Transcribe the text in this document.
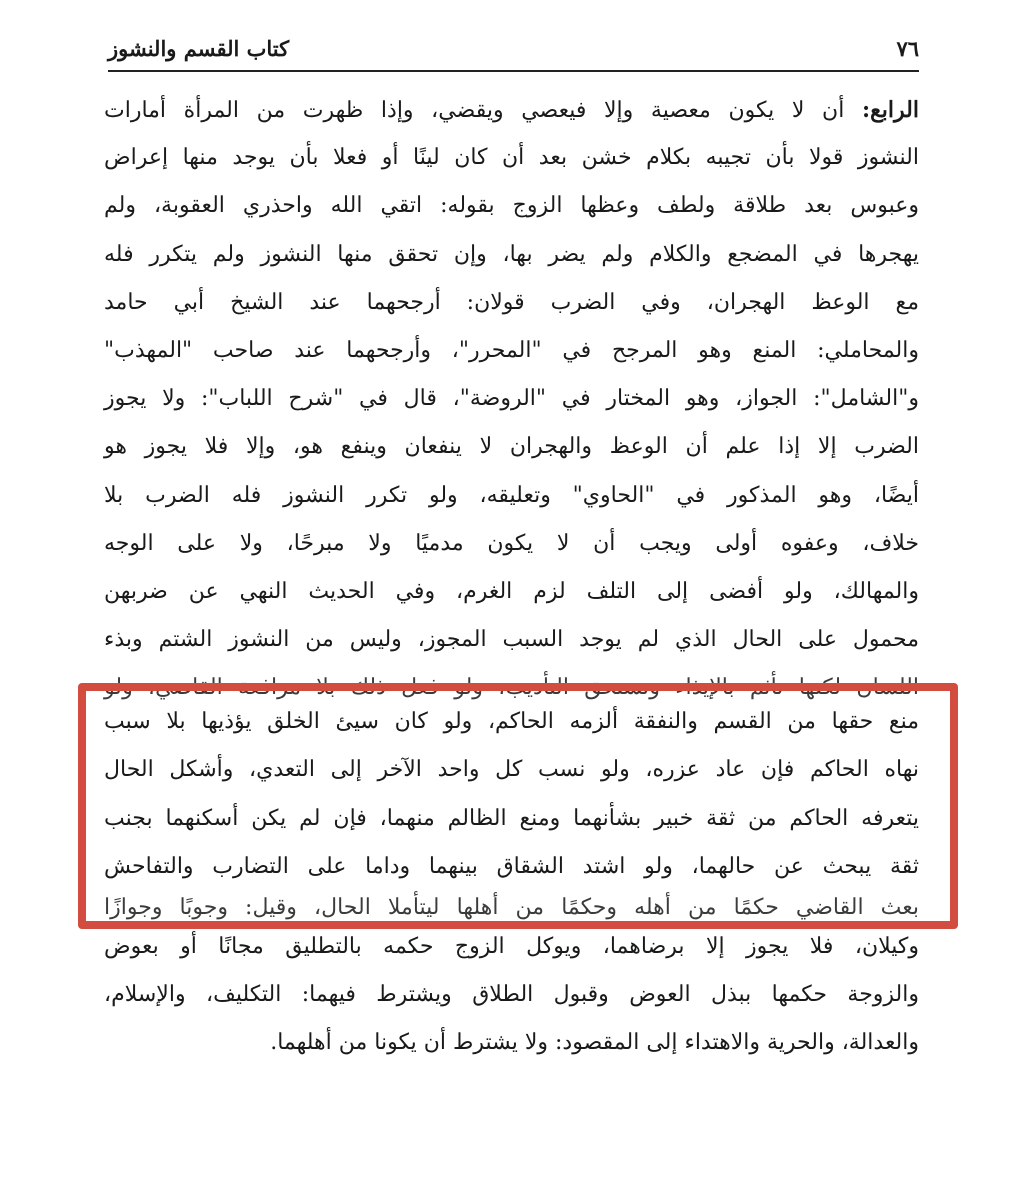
كتاب القسم والنشوز	٧٦
الرابع: أن لا يكون معصية وإلا فيعصي ويقضي، وإذا ظهرت من المرأة أمارات
النشوز قولا بأن تجيبه بكلام خشن بعد أن كان لينًا أو فعلا بأن يوجد منها إعراض
وعبوس بعد طلاقة ولطف وعظها الزوج بقوله: اتقي الله واحذري العقوبة، ولم
يهجرها في المضجع والكلام ولم يضر بها، وإن تحقق منها النشوز ولم يتكرر فله
مع الوعظ الهجران، وفي الضرب قولان: أرجحهما عند الشيخ أبي حامد
والمحاملي: المنع وهو المرجح في "المحرر"، وأرجحهما عند صاحب "المهذب"
و"الشامل": الجواز، وهو المختار في "الروضة"، قال في "شرح اللباب": ولا يجوز
الضرب إلا إذا علم أن الوعظ والهجران لا ينفعان وينفع هو، وإلا فلا يجوز هو
أيضًا، وهو المذكور في "الحاوي" وتعليقه، ولو تكرر النشوز فله الضرب بلا
خلاف، وعفوه أولى ويجب أن لا يكون مدميًا ولا مبرحًا، ولا على الوجه
والمهالك، ولو أفضى إلى التلف لزم الغرم، وفي الحديث النهي عن ضربهن
محمول على الحال الذي لم يوجد السبب المجوز، وليس من النشوز الشتم وبذء
اللسان لكنها تأثم بالإيذاء وتستحق التأديب، ولو فعل ذلك بلا مرافعة القاضي، ولو
منع حقها من القسم والنفقة ألزمه الحاكم، ولو كان سيئ الخلق يؤذيها بلا سبب
نهاه الحاكم فإن عاد عزره، ولو نسب كل واحد الآخر إلى التعدي، وأشكل الحال
يتعرفه الحاكم من ثقة خبير بشأنهما ومنع الظالم منهما، فإن لم يكن أسكنهما بجنب
ثقة يبحث عن حالهما، ولو اشتد الشقاق بينهما وداما على التضارب والتفاحش
بعث القاضي حكمًا من أهله وحكمًا من أهلها ليتأملا الحال، وقيل: وجوبًا وجوازًا
وكيلان، فلا يجوز إلا برضاهما، ويوكل الزوج حكمه بالتطليق مجانًا أو بعوض
والزوجة حكمها ببذل العوض وقبول الطلاق ويشترط فيهما: التكليف، والإسلام،
والعدالة، والحرية والاهتداء إلى المقصود: ولا يشترط أن يكونا من أهلهما.
